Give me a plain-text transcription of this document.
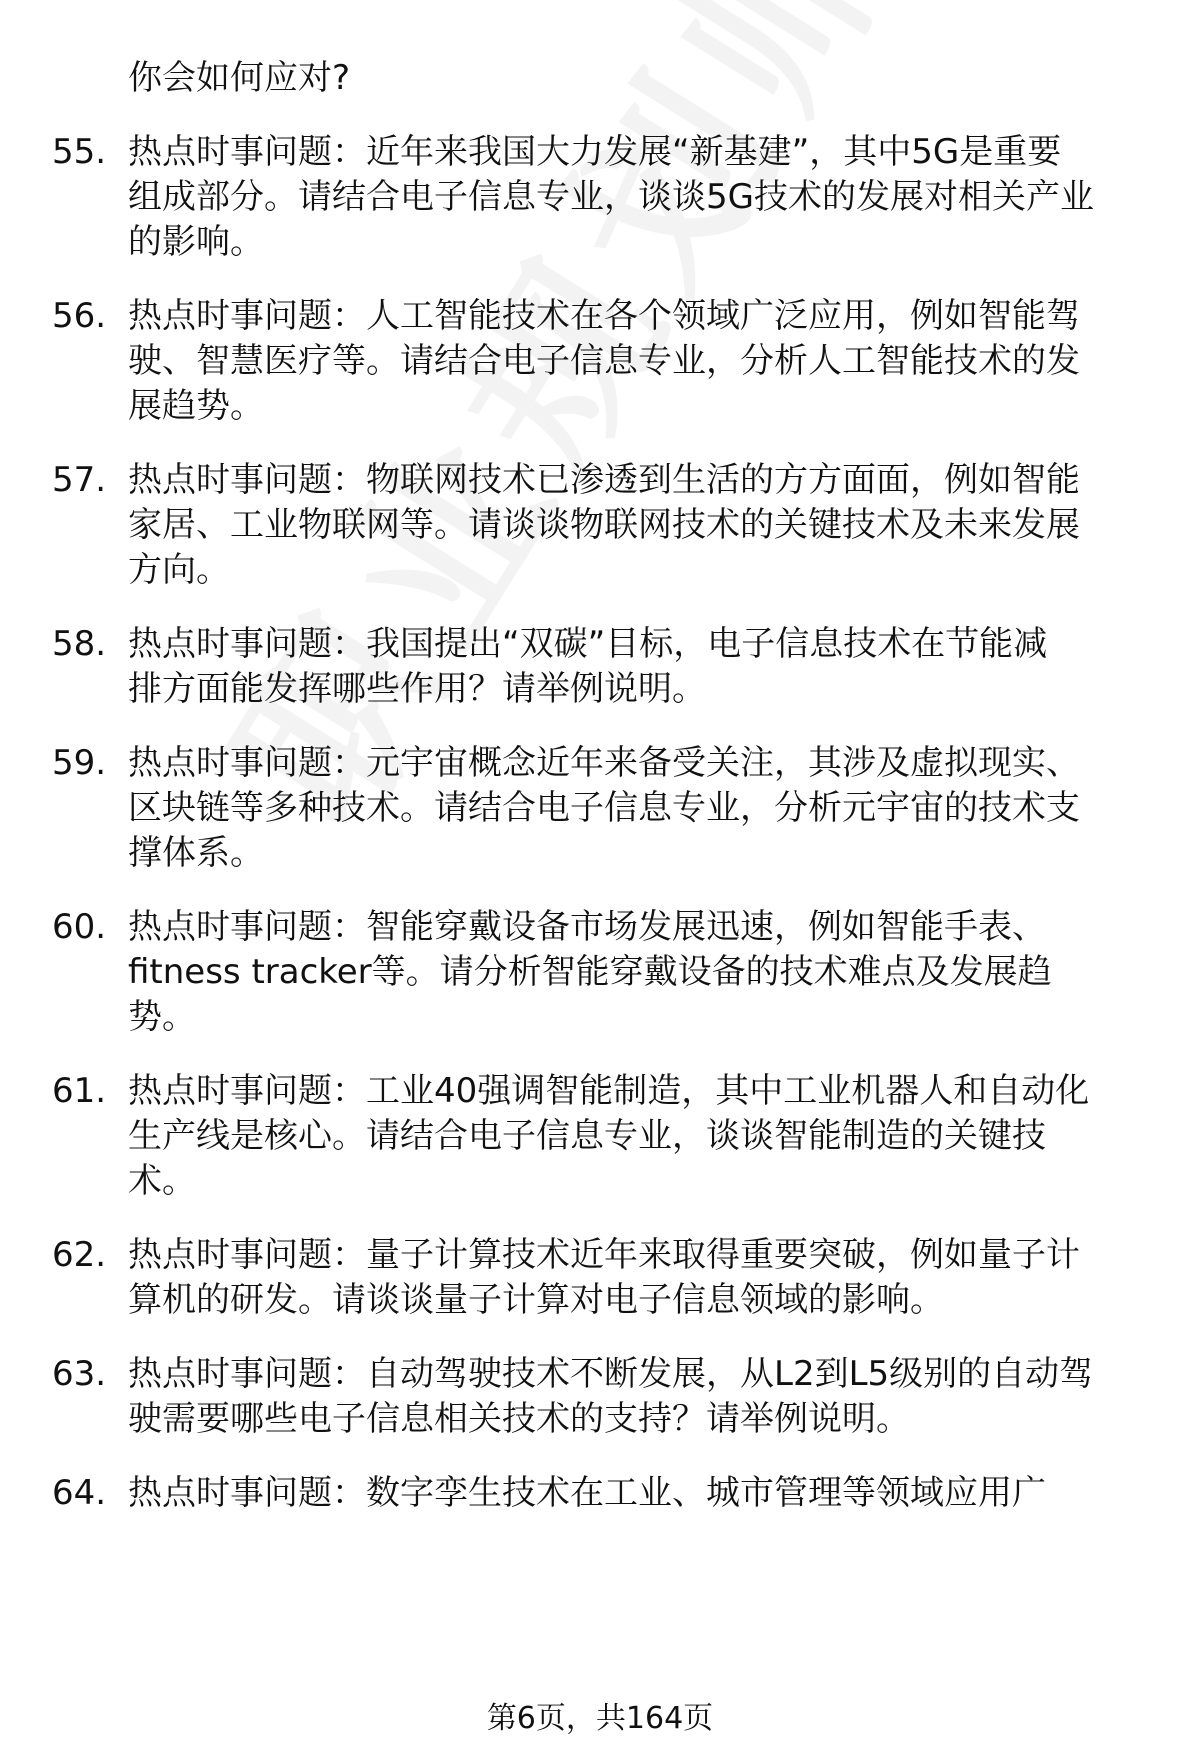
你会如何应对?
55. 热点时事问题：近年来我国大力发展“新基建”，其中5G是重要
组成部分。请结合电子信息专业，谈谈5G技术的发展对相关产业
的影响。
56. 热点时事问题：人工智能技术在各个领域广泛应用，例如智能驾
驶、智慧医疗等。请结合电子信息专业，分析人工智能技术的发
展趋势。
57. 热点时事问题：物联网技术已渗透到生活的方方面面，例如智能
家居、工业物联网等。请谈谈物联网技术的关键技术及未来发展
方向。
58. 热点时事问题：我国提出“双碳”目标，电子信息技术在节能减
排方面能发挥哪些作用？请举例说明。
59. 热点时事问题：元宇宙概念近年来备受关注，其涉及虚拟现实、
区块链等多种技术。请结合电子信息专业，分析元宇宙的技术支
撑体系。
60. 热点时事问题：智能穿戴设备市场发展迅速，例如智能手表、
fitness tracker等。请分析智能穿戴设备的技术难点及发展趋
势。
61. 热点时事问题：工业40强调智能制造，其中工业机器人和自动化
生产线是核心。请结合电子信息专业，谈谈智能制造的关键技
术。
62. 热点时事问题：量子计算技术近年来取得重要突破，例如量子计
算机的研发。请谈谈量子计算对电子信息领域的影响。
63. 热点时事问题：自动驾驶技术不断发展，从L2到L5级别的自动驾
驶需要哪些电子信息相关技术的支持？请举例说明。
64. 热点时事问题：数字孪生技术在工业、城市管理等领域应用广
第6页，共164页
